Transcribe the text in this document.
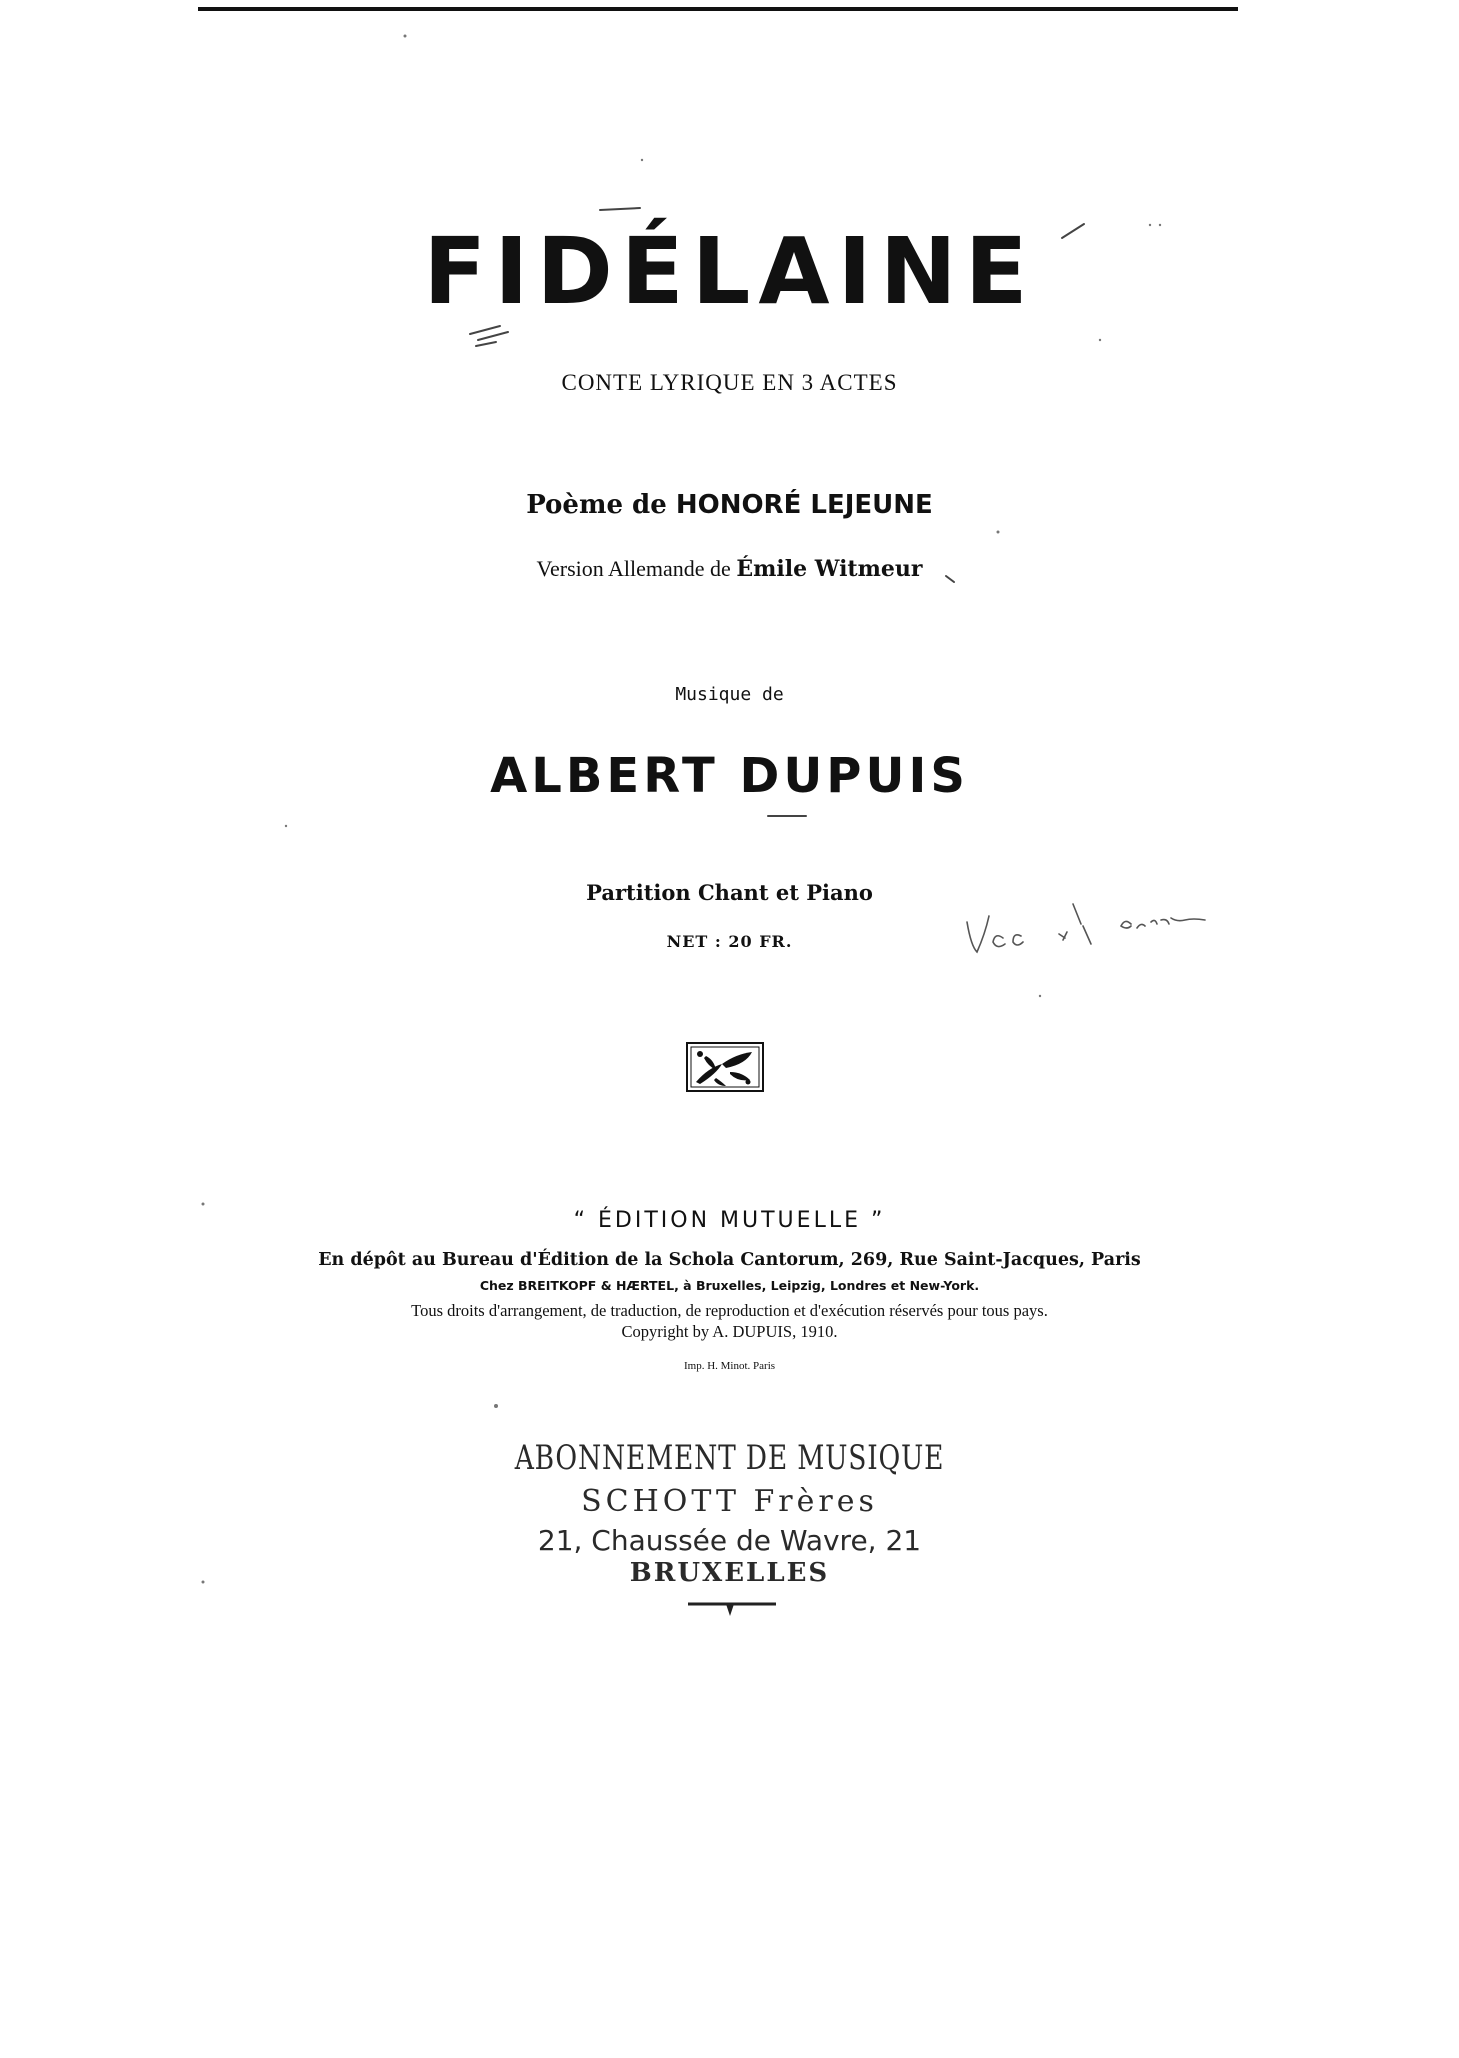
FIDÉLAINE
CONTE LYRIQUE EN 3 ACTES
Poème de HONORÉ LEJEUNE
Version Allemande de Émile Witmeur
Musique de
ALBERT DUPUIS
Partition Chant et Piano
NET : 20 FR.
“ ÉDITION MUTUELLE ”
En dépôt au Bureau d'Édition de la Schola Cantorum, 269, Rue Saint-Jacques, Paris
Chez BREITKOPF & HÆRTEL, à Bruxelles, Leipzig, Londres et New-York.
Tous droits d'arrangement, de traduction, de reproduction et d'exécution réservés pour tous pays.
Copyright by A. DUPUIS, 1910.
Imp. H. Minot. Paris
ABONNEMENT DE MUSIQUE
SCHOTT Frères
21, Chaussée de Wavre, 21
BRUXELLES
